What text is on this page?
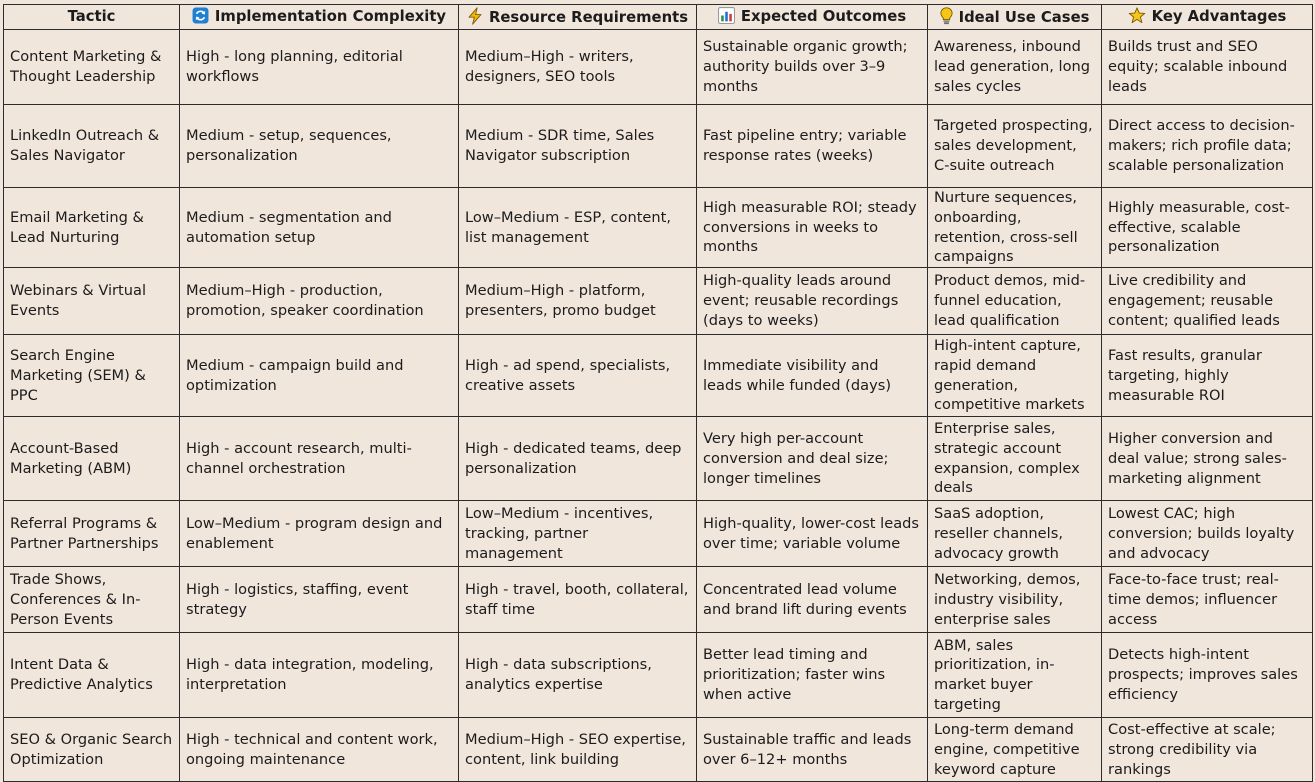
Tactic	Implementation Complexity	Resource Requirements	Expected Outcomes	Ideal Use Cases	Key Advantages
Content Marketing & Thought Leadership	High - long planning, editorial workflows	Medium–High - writers, designers, SEO tools	Sustainable organic growth; authority builds over 3–9 months	Awareness, inbound lead generation, long sales cycles	Builds trust and SEO equity; scalable inbound leads
LinkedIn Outreach & Sales Navigator	Medium - setup, sequences, personalization	Medium - SDR time, Sales Navigator subscription	Fast pipeline entry; variable response rates (weeks)	Targeted prospecting, sales development, C-suite outreach	Direct access to decision-makers; rich profile data; scalable personalization
Email Marketing & Lead Nurturing	Medium - segmentation and automation setup	Low–Medium - ESP, content, list management	High measurable ROI; steady conversions in weeks to months	Nurture sequences, onboarding, retention, cross-sell campaigns	Highly measurable, cost-effective, scalable personalization
Webinars & Virtual Events	Medium–High - production, promotion, speaker coordination	Medium–High - platform, presenters, promo budget	High-quality leads around event; reusable recordings (days to weeks)	Product demos, mid-funnel education, lead qualification	Live credibility and engagement; reusable content; qualified leads
Search Engine Marketing (SEM) & PPC	Medium - campaign build and optimization	High - ad spend, specialists, creative assets	Immediate visibility and leads while funded (days)	High-intent capture, rapid demand generation, competitive markets	Fast results, granular targeting, highly measurable ROI
Account-Based Marketing (ABM)	High - account research, multi-channel orchestration	High - dedicated teams, deep personalization	Very high per-account conversion and deal size; longer timelines	Enterprise sales, strategic account expansion, complex deals	Higher conversion and deal value; strong sales-marketing alignment
Referral Programs & Partner Partnerships	Low–Medium - program design and enablement	Low–Medium - incentives, tracking, partner management	High-quality, lower-cost leads over time; variable volume	SaaS adoption, reseller channels, advocacy growth	Lowest CAC; high conversion; builds loyalty and advocacy
Trade Shows, Conferences & In-Person Events	High - logistics, staffing, event strategy	High - travel, booth, collateral, staff time	Concentrated lead volume and brand lift during events	Networking, demos, industry visibility, enterprise sales	Face-to-face trust; real-time demos; influencer access
Intent Data & Predictive Analytics	High - data integration, modeling, interpretation	High - data subscriptions, analytics expertise	Better lead timing and prioritization; faster wins when active	ABM, sales prioritization, in-market buyer targeting	Detects high-intent prospects; improves sales efficiency
SEO & Organic Search Optimization	High - technical and content work, ongoing maintenance	Medium–High - SEO expertise, content, link building	Sustainable traffic and leads over 6–12+ months	Long-term demand engine, competitive keyword capture	Cost-effective at scale; strong credibility via rankings
